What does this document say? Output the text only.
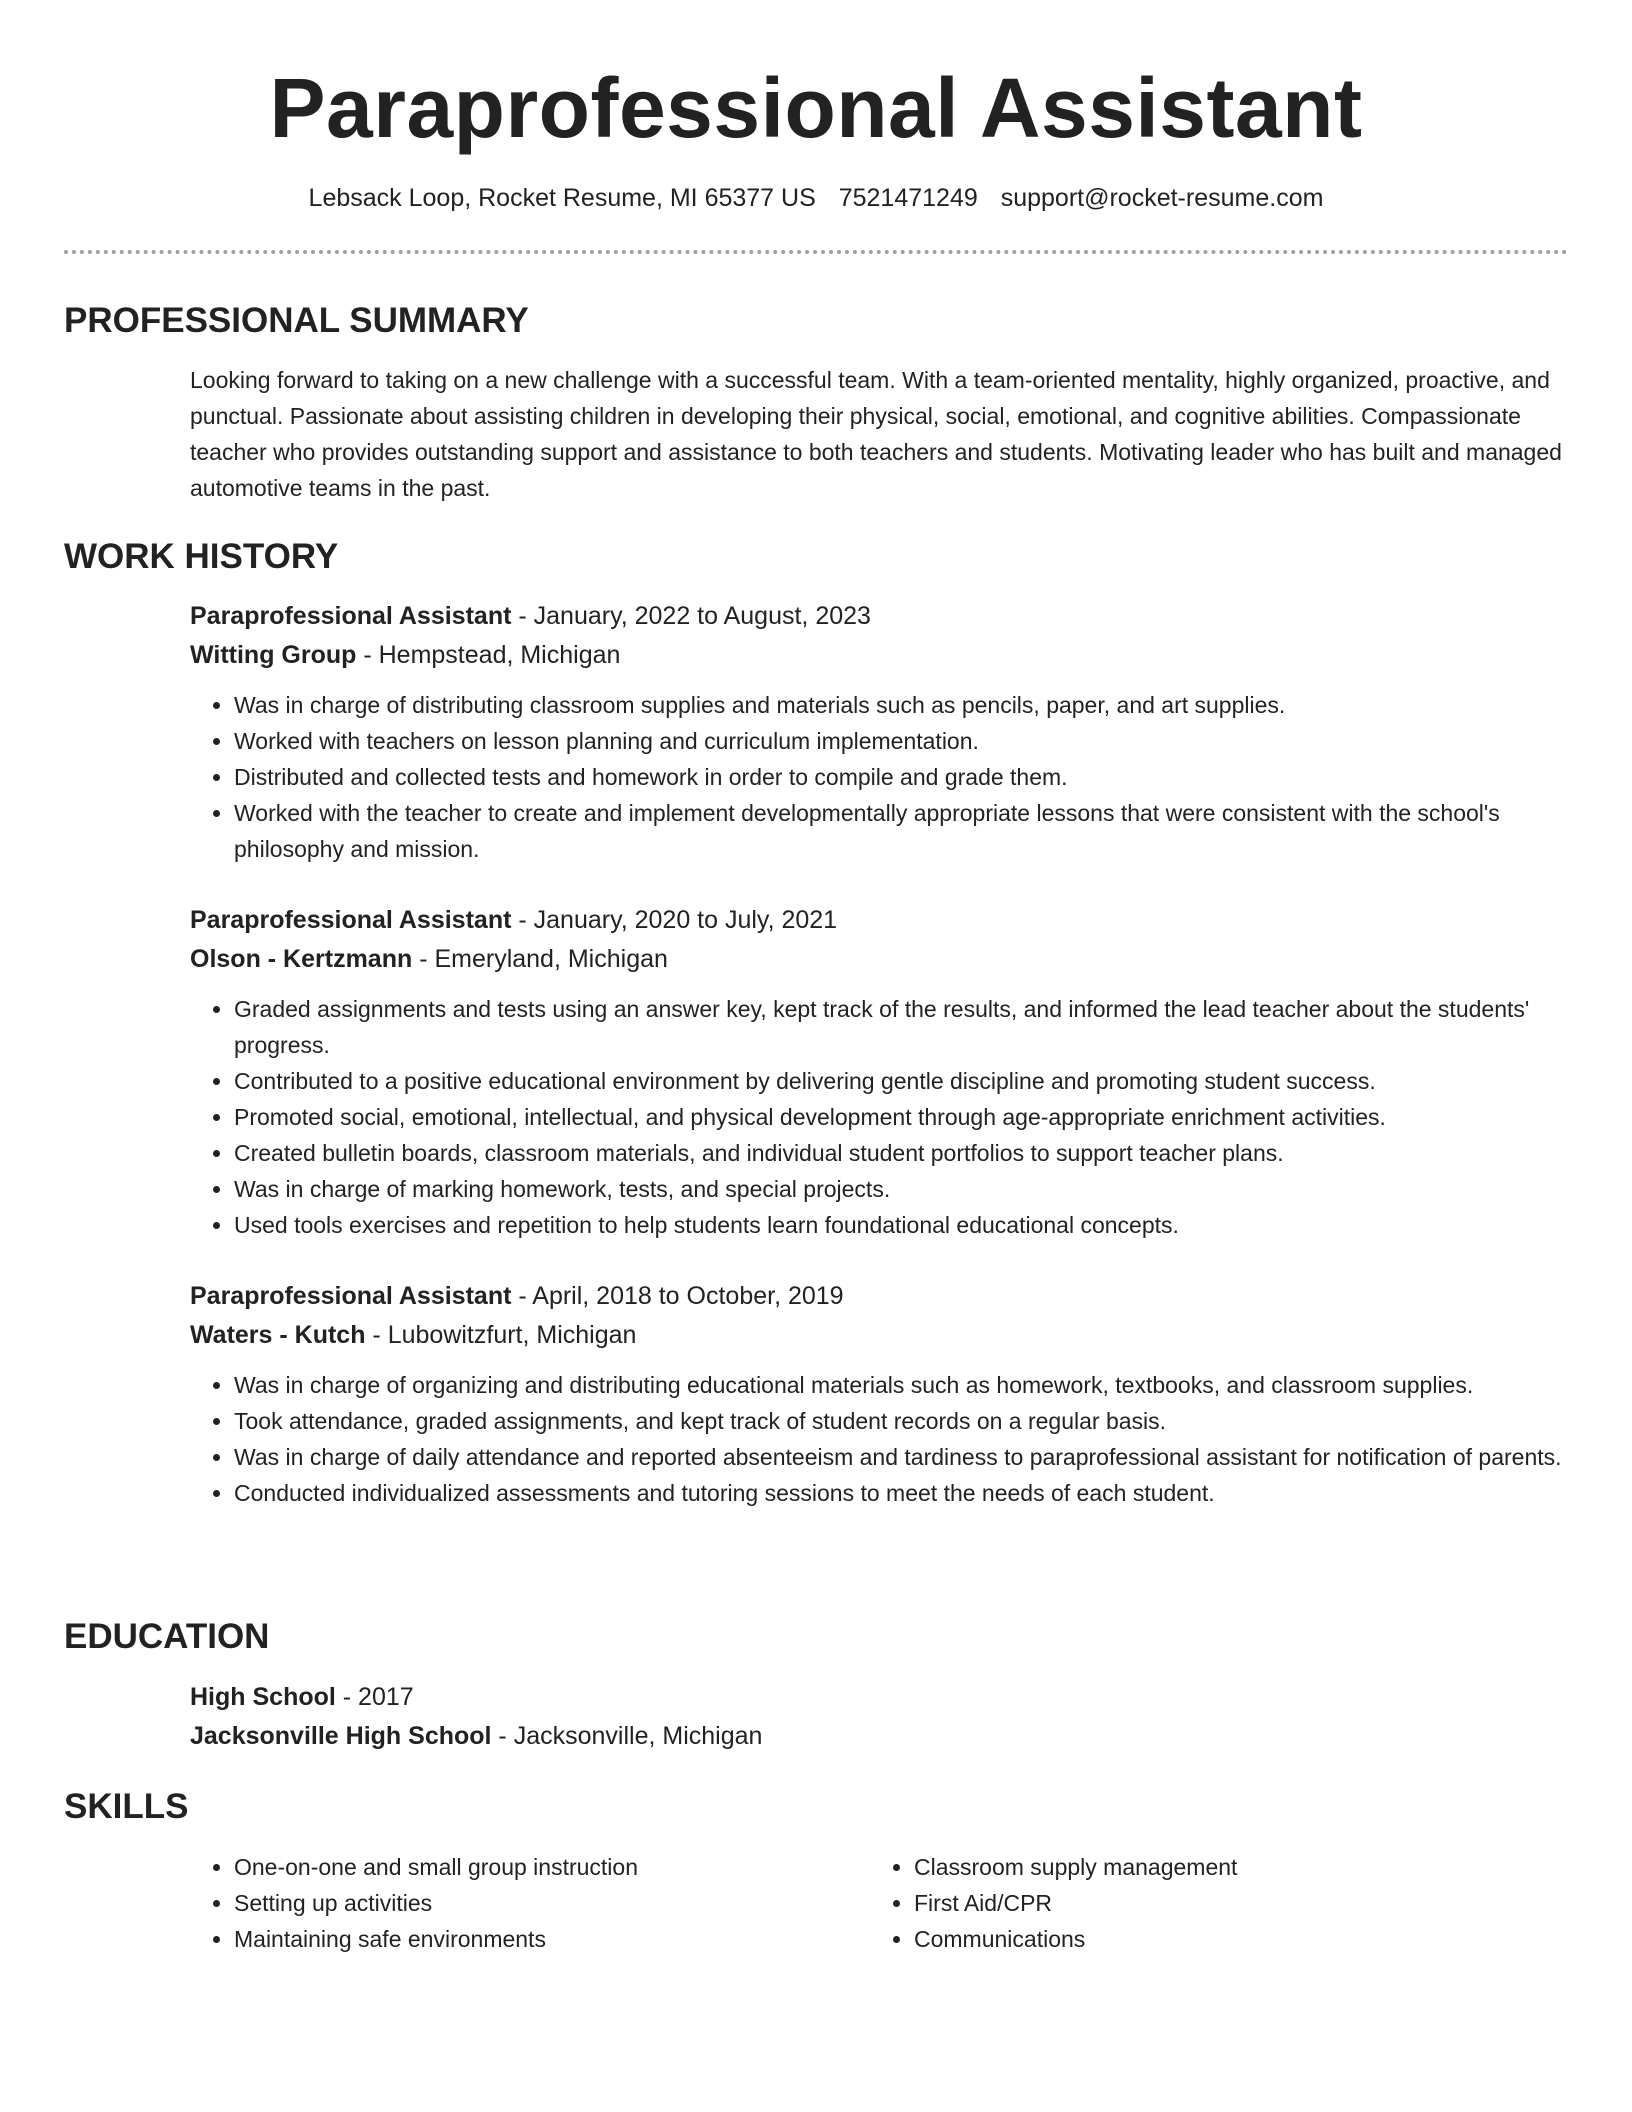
Paraprofessional Assistant
Lebsack Loop, Rocket Resume, MI 65377 US 7521471249 support@rocket-resume.com
PROFESSIONAL SUMMARY

Looking forward to taking on a new challenge with a successful team. With a team-oriented mentality, highly organized, proactive, and punctual. Passionate about assisting children in developing their physical, social, emotional, and cognitive abilities. Compassionate teacher who provides outstanding support and assistance to both teachers and students. Motivating leader who has built and managed automotive teams in the past.

WORK HISTORY
Paraprofessional Assistant - January, 2022 to August, 2023
Witting Group - Hempstead, Michigan
• Was in charge of distributing classroom supplies and materials such as pencils, paper, and art supplies.
• Worked with teachers on lesson planning and curriculum implementation.
• Distributed and collected tests and homework in order to compile and grade them.
• Worked with the teacher to create and implement developmentally appropriate lessons that were consistent with the school's philosophy and mission.
Paraprofessional Assistant - January, 2020 to July, 2021
Olson - Kertzmann - Emeryland, Michigan
• Graded assignments and tests using an answer key, kept track of the results, and informed the lead teacher about the students' progress.
• Contributed to a positive educational environment by delivering gentle discipline and promoting student success.
• Promoted social, emotional, intellectual, and physical development through age-appropriate enrichment activities.
• Created bulletin boards, classroom materials, and individual student portfolios to support teacher plans.
• Was in charge of marking homework, tests, and special projects.
• Used tools exercises and repetition to help students learn foundational educational concepts.
Paraprofessional Assistant - April, 2018 to October, 2019
Waters - Kutch - Lubowitzfurt, Michigan
• Was in charge of organizing and distributing educational materials such as homework, textbooks, and classroom supplies.
• Took attendance, graded assignments, and kept track of student records on a regular basis.
• Was in charge of daily attendance and reported absenteeism and tardiness to paraprofessional assistant for notification of parents.
• Conducted individualized assessments and tutoring sessions to meet the needs of each student.
EDUCATION
High School - 2017
Jacksonville High School - Jacksonville, Michigan
SKILLS
• One-on-one and small group instruction
• Setting up activities
• Maintaining safe environments
• Classroom supply management
• First Aid/CPR
• Communications
